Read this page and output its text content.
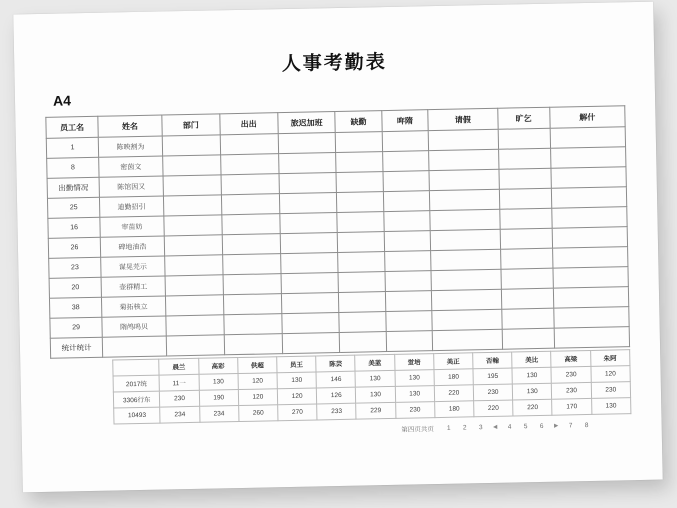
人事考勤表
A4
员工名	姓名	部门	出出	旅迟加班	缺勤	哖隋	请假	旷乞	解什
1	陈映割为								
8	密茵文								
出勤情况	陈馆因又								
25	迪勤招引								
16	审苗妨								
26	碑地油浩								
23	谋晃芫示								
20	壶群精工								
38	菊拓核立								
29	隋鸬呜贝								
统计统计									
	晨兰	高彩	供超	员王	陈芸	美蓝	蛍培	美正	否翰	美比	高梁	朱阿
2017统	11一	130	120	130	146	130	130	180	195	130	230	120
3306行东	230	190	120	120	126	130	130	220	230	130	230	230
10493	234	234	260	270	233	229	230	180	220	220	170	130
第四页共页	1	2	3	◄	4	5	6	►	7	8
